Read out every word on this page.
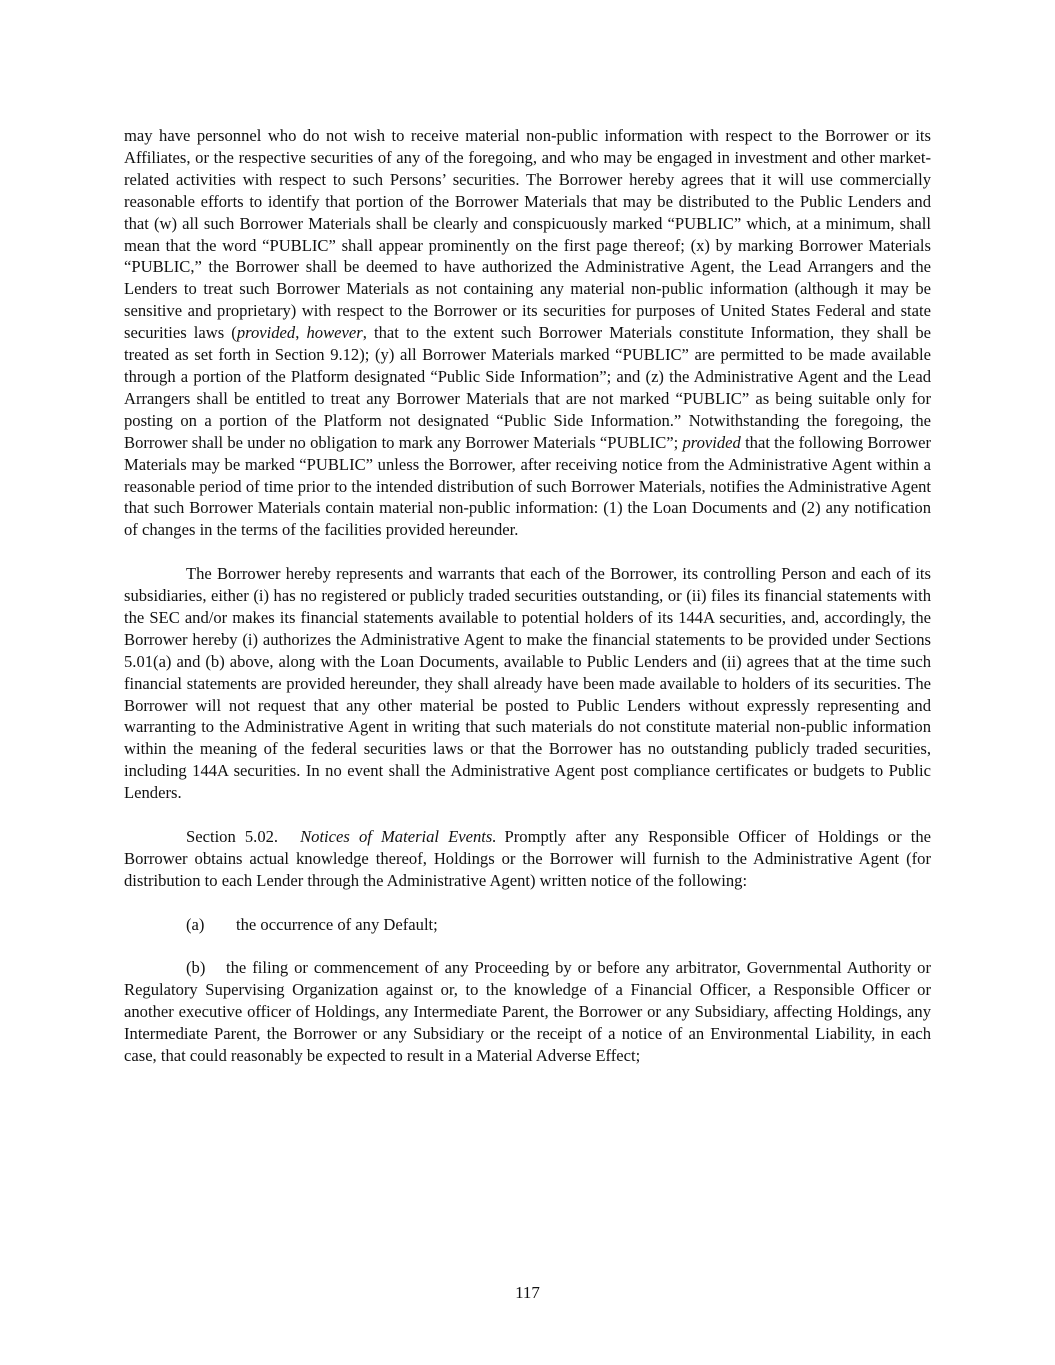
may have personnel who do not wish to receive material non-public information with respect to the Borrower or its Affiliates, or the respective securities of any of the foregoing, and who may be engaged in investment and other market-related activities with respect to such Persons’ securities. The Borrower hereby agrees that it will use commercially reasonable efforts to identify that portion of the Borrower Materials that may be distributed to the Public Lenders and that (w) all such Borrower Materials shall be clearly and conspicuously marked “PUBLIC” which, at a minimum, shall mean that the word “PUBLIC” shall appear prominently on the first page thereof; (x) by marking Borrower Materials “PUBLIC,” the Borrower shall be deemed to have authorized the Administrative Agent, the Lead Arrangers and the Lenders to treat such Borrower Materials as not containing any material non-public information (although it may be sensitive and proprietary) with respect to the Borrower or its securities for purposes of United States Federal and state securities laws (provided, however, that to the extent such Borrower Materials constitute Information, they shall be treated as set forth in Section 9.12); (y) all Borrower Materials marked “PUBLIC” are permitted to be made available through a portion of the Platform designated “Public Side Information”; and (z) the Administrative Agent and the Lead Arrangers shall be entitled to treat any Borrower Materials that are not marked “PUBLIC” as being suitable only for posting on a portion of the Platform not designated “Public Side Information.” Notwithstanding the foregoing, the Borrower shall be under no obligation to mark any Borrower Materials “PUBLIC”; provided that the following Borrower Materials may be marked “PUBLIC” unless the Borrower, after receiving notice from the Administrative Agent within a reasonable period of time prior to the intended distribution of such Borrower Materials, notifies the Administrative Agent that such Borrower Materials contain material non-public information: (1) the Loan Documents and (2) any notification of changes in the terms of the facilities provided hereunder.

The Borrower hereby represents and warrants that each of the Borrower, its controlling Person and each of its subsidiaries, either (i) has no registered or publicly traded securities outstanding, or (ii) files its financial statements with the SEC and/or makes its financial statements available to potential holders of its 144A securities, and, accordingly, the Borrower hereby (i) authorizes the Administrative Agent to make the financial statements to be provided under Sections 5.01(a) and (b) above, along with the Loan Documents, available to Public Lenders and (ii) agrees that at the time such financial statements are provided hereunder, they shall already have been made available to holders of its securities. The Borrower will not request that any other material be posted to Public Lenders without expressly representing and warranting to the Administrative Agent in writing that such materials do not constitute material non-public information within the meaning of the federal securities laws or that the Borrower has no outstanding publicly traded securities, including 144A securities. In no event shall the Administrative Agent post compliance certificates or budgets to Public Lenders.

Section 5.02. Notices of Material Events. Promptly after any Responsible Officer of Holdings or the Borrower obtains actual knowledge thereof, Holdings or the Borrower will furnish to the Administrative Agent (for distribution to each Lender through the Administrative Agent) written notice of the following:

(a) the occurrence of any Default;

(b) the filing or commencement of any Proceeding by or before any arbitrator, Governmental Authority or Regulatory Supervising Organization against or, to the knowledge of a Financial Officer, a Responsible Officer or another executive officer of Holdings, any Intermediate Parent, the Borrower or any Subsidiary, affecting Holdings, any Intermediate Parent, the Borrower or any Subsidiary or the receipt of a notice of an Environmental Liability, in each case, that could reasonably be expected to result in a Material Adverse Effect;

117
